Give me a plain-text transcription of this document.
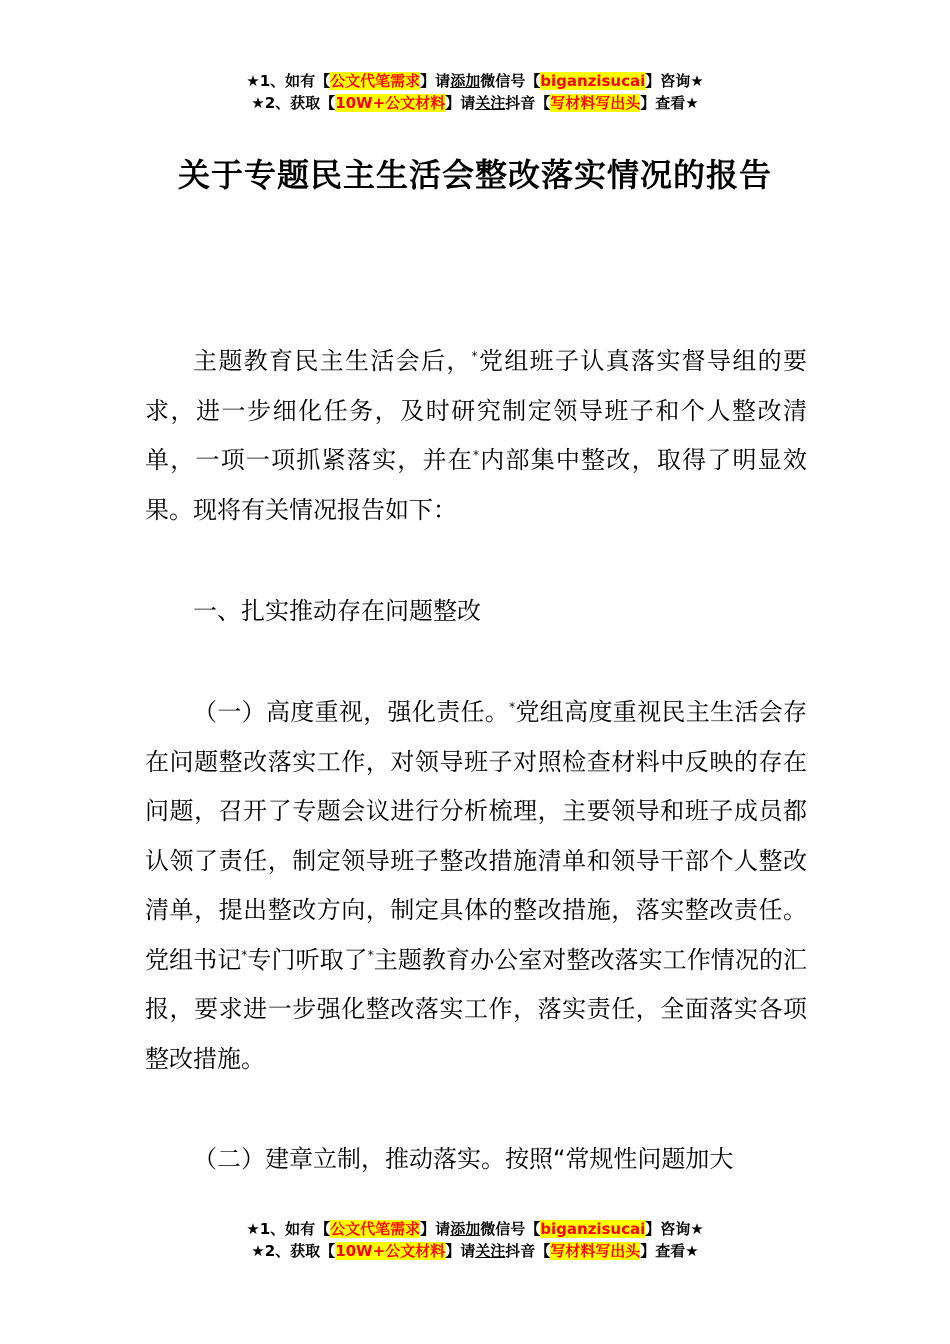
★1、如有【公文代笔需求】请添加微信号【biganzisucai】咨询★
★2、获取【10W+公文材料】请关注抖音【写材料写出头】查看★
关于专题民主生活会整改落实情况的报告

主题教育民主生活会后，*党组班子认真落实督导组的要求，进一步细化任务，及时研究制定领导班子和个人整改清单，一项一项抓紧落实，并在*内部集中整改，取得了明显效果。现将有关情况报告如下：

一、扎实推动存在问题整改

（一）高度重视，强化责任。*党组高度重视民主生活会存在问题整改落实工作，对领导班子对照检查材料中反映的存在问题，召开了专题会议进行分析梳理，主要领导和班子成员都认领了责任，制定领导班子整改措施清单和领导干部个人整改清单，提出整改方向，制定具体的整改措施，落实整改责任。党组书记*专门听取了*主题教育办公室对整改落实工作情况的汇报，要求进一步强化整改落实工作，落实责任，全面落实各项整改措施。

（二）建章立制，推动落实。按照“常规性问题加大

★1、如有【公文代笔需求】请添加微信号【biganzisucai】咨询★
★2、获取【10W+公文材料】请关注抖音【写材料写出头】查看★
